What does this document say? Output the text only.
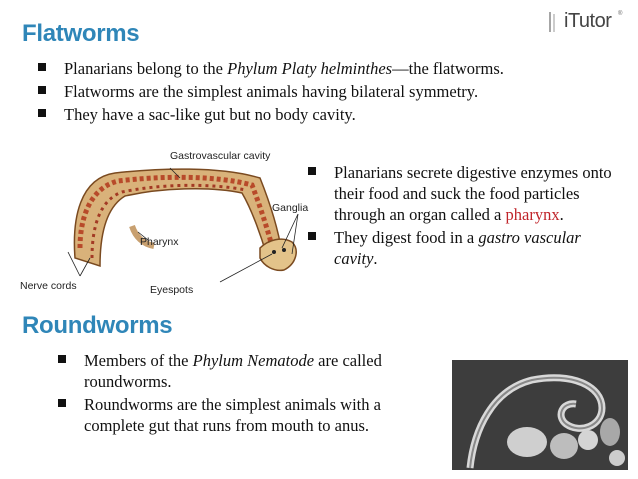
Flatworms	iTutor ®
Planarians belong to the Phylum Platy helminthes—the flatworms.
Flatworms are the simplest animals having bilateral symmetry.
They have a sac-like gut but no body cavity.
Gastrovascular cavity
Ganglia
Pharynx
Nerve cords	Eyespots
Planarians secrete digestive enzymes onto their food and suck the food particles through an organ called a pharynx.
They digest food in a gastro vascular cavity.
Roundworms
Members of the Phylum Nematode are called roundworms.
Roundworms are the simplest animals with a complete gut that runs from mouth to anus.
